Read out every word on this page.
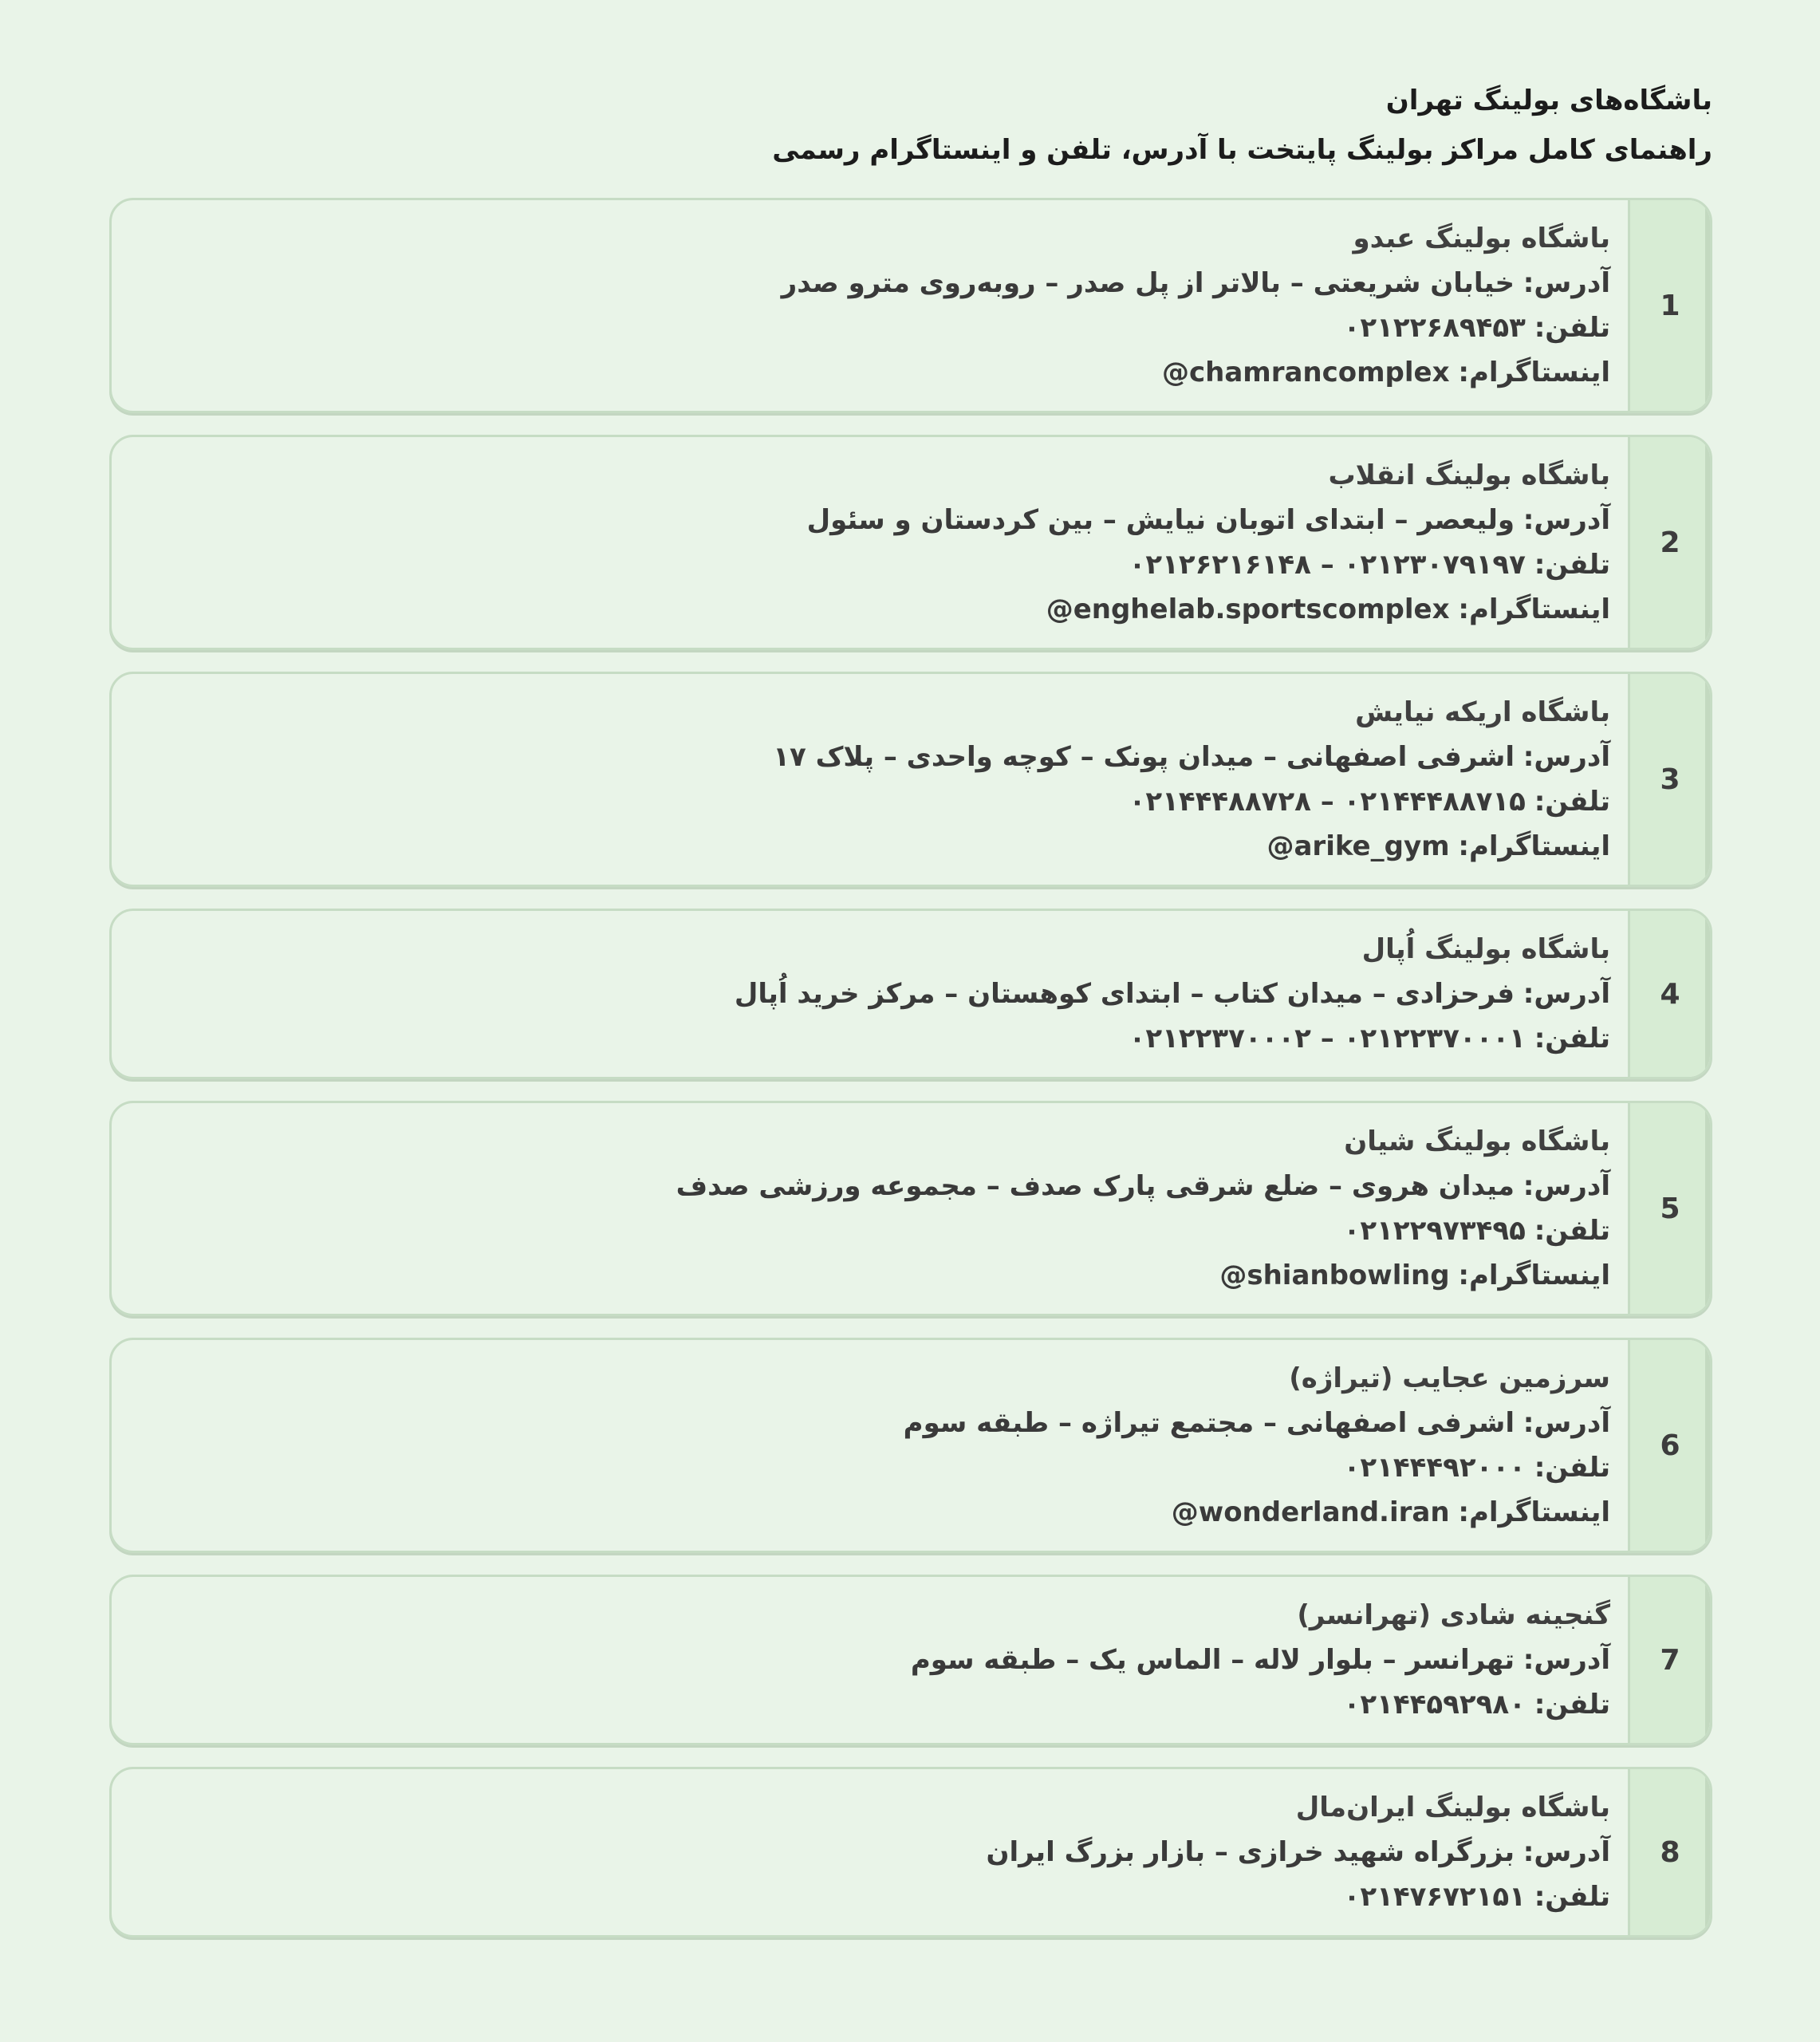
باشگاه‌های بولینگ تهران
راهنمای کامل مراکز بولینگ پایتخت با آدرس، تلفن و اینستاگرام رسمی
1
باشگاه بولینگ عبدو
آدرس: خیابان شریعتی – بالاتر از پل صدر – روبه‌روی مترو صدر
تلفن: ۰۲۱۲۲۶۸۹۴۵۳
اینستاگرام: @chamrancomplex
2
باشگاه بولینگ انقلاب
آدرس: ولیعصر – ابتدای اتوبان نیایش – بین کردستان و سئول
تلفن: ۰۲۱۲۳۰۷۹۱۹۷ – ۰۲۱۲۶۲۱۶۱۴۸
اینستاگرام: @enghelab.sportscomplex
3
باشگاه اریکه نیایش
آدرس: اشرفی اصفهانی – میدان پونک – کوچه واحدی – پلاک ۱۷
تلفن: ۰۲۱۴۴۴۸۸۷۱۵ – ۰۲۱۴۴۴۸۸۷۲۸
اینستاگرام: @arike_gym
4
باشگاه بولینگ اُپال
آدرس: فرحزادی – میدان کتاب – ابتدای کوهستان – مرکز خرید اُپال
تلفن: ۰۲۱۲۲۳۷۰۰۰۱ – ۰۲۱۲۲۳۷۰۰۰۲
5
باشگاه بولینگ شیان
آدرس: میدان هروی – ضلع شرقی پارک صدف – مجموعه ورزشی صدف
تلفن: ۰۲۱۲۲۹۷۳۴۹۵
اینستاگرام: @shianbowling
6
سرزمین عجایب (تیراژه)
آدرس: اشرفی اصفهانی – مجتمع تیراژه – طبقه سوم
تلفن: ۰۲۱۴۴۴۹۲۰۰۰
اینستاگرام: @wonderland.iran
7
گنجینه شادی (تهرانسر)
آدرس: تهرانسر – بلوار لاله – الماس یک – طبقه سوم
تلفن: ۰۲۱۴۴۵۹۲۹۸۰
8
باشگاه بولینگ ایران‌مال
آدرس: بزرگراه شهید خرازی – بازار بزرگ ایران
تلفن: ۰۲۱۴۷۶۷۲۱۵۱
